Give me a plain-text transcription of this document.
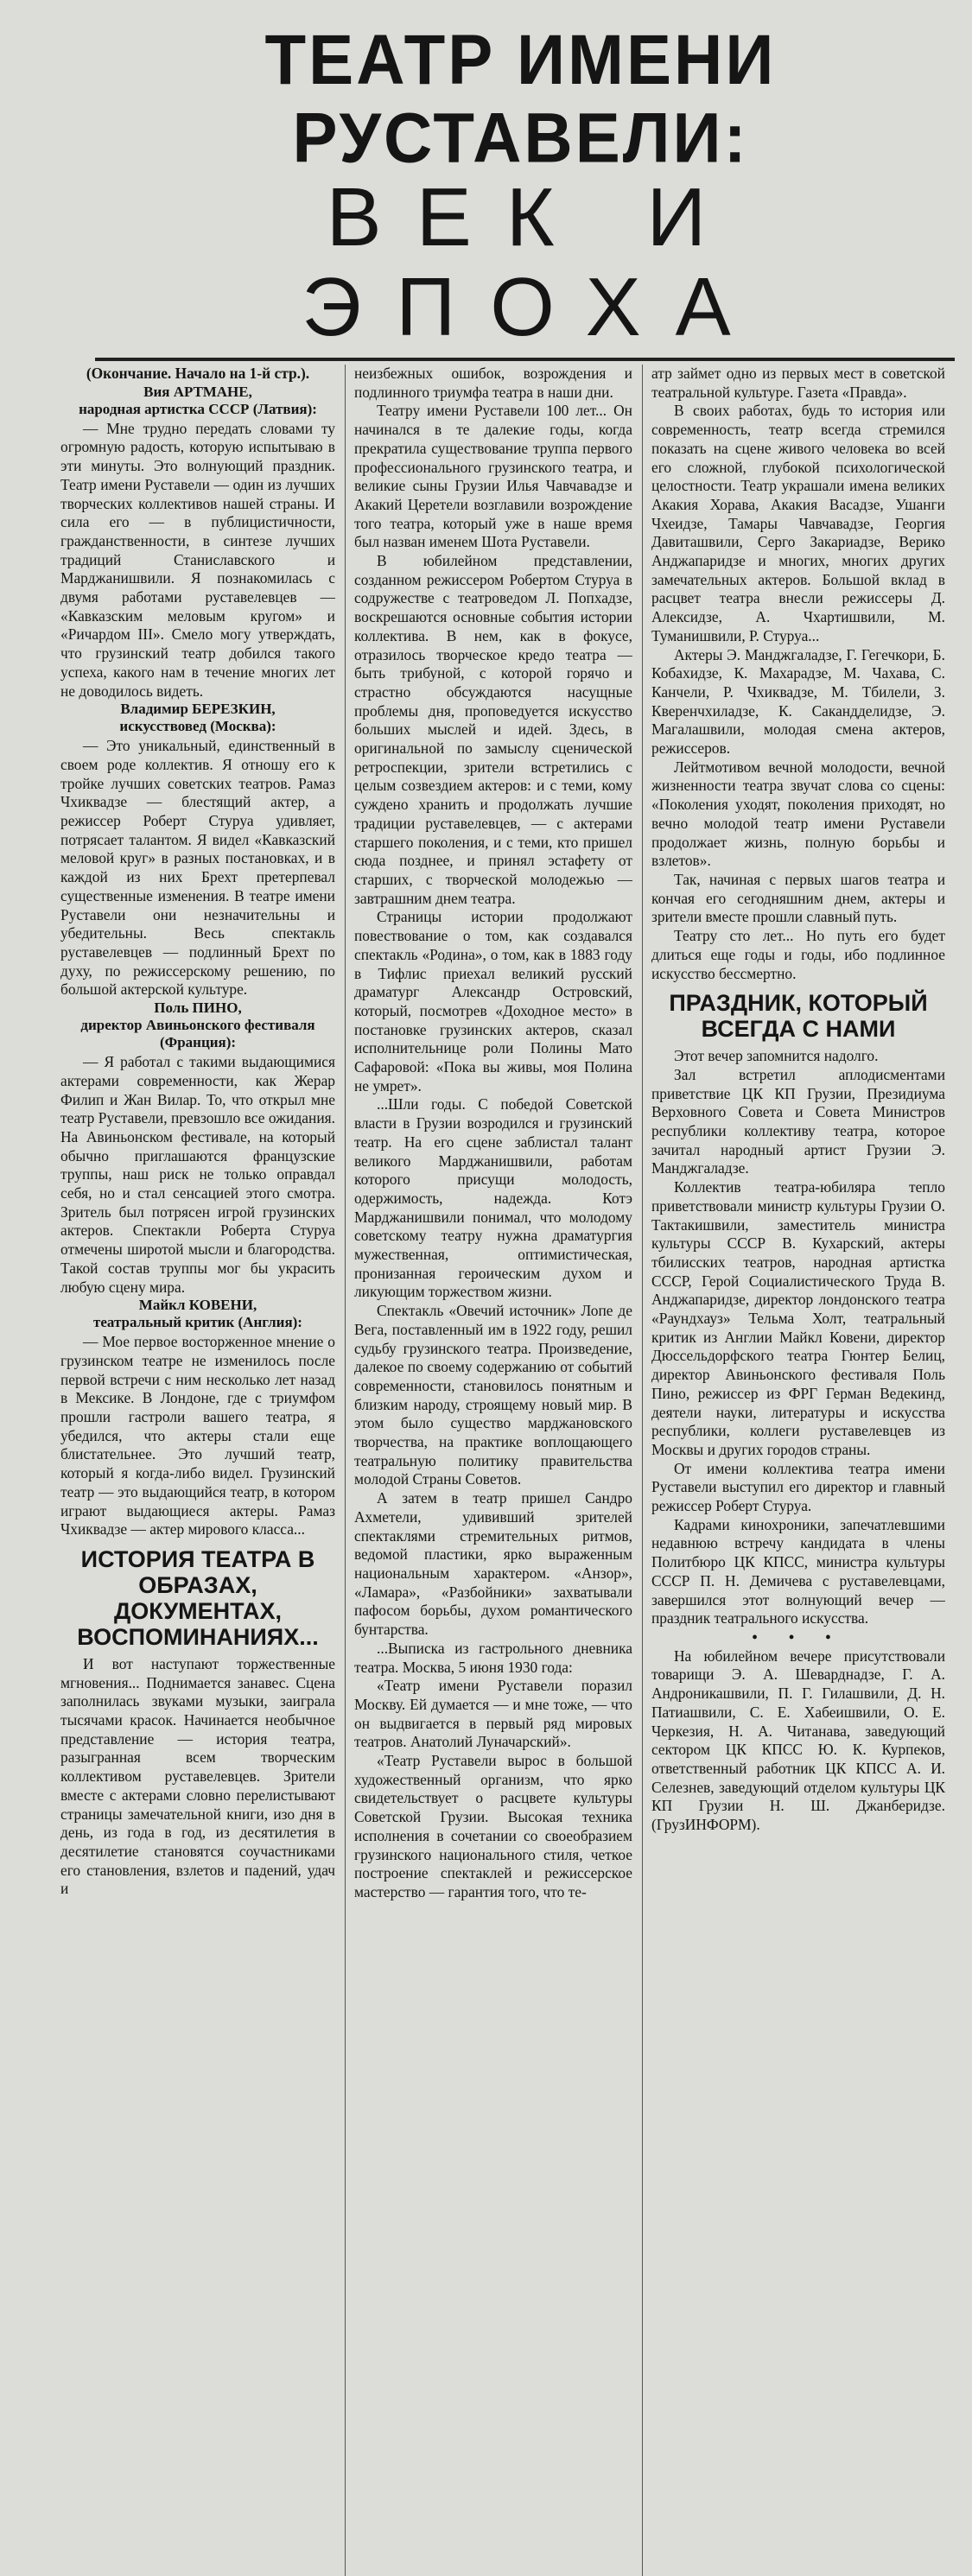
ТЕАТР ИМЕНИ РУСТАВЕЛИ:
ВЕК И ЭПОХА

(Окончание. Начало на 1-й стр.).

Вия АРТМАНЕ,

народная артистка СССР (Латвия):

— Мне трудно передать словами ту огромную радость, которую испытываю в эти минуты. Это волнующий праздник. Театр имени Руставели — один из лучших творческих коллективов нашей страны. И сила его — в публицистичности, гражданственности, в синтезе лучших традиций Станиславского и Марджанишвили. Я познакомилась с двумя работами руставелевцев — «Кавказским меловым кругом» и «Ричардом III». Смело могу утверждать, что грузинский театр добился такого успеха, какого нам в течение многих лет не доводилось видеть.

Владимир БЕРЕЗКИН,

искусствовед (Москва):

— Это уникальный, единственный в своем роде коллектив. Я отношу его к тройке лучших советских театров. Рамаз Чхиквадзе — блестящий актер, а режиссер Роберт Стуруа удивляет, потрясает талантом. Я видел «Кавказский меловой круг» в разных постановках, и в каждой из них Брехт претерпевал существенные изменения. В театре имени Руставели они незначительны и убедительны. Весь спектакль руставелевцев — подлинный Брехт по духу, по режиссерскому решению, по большой актерской культуре.

Поль ПИНО,

директор Авиньонского фестиваля (Франция):

— Я работал с такими выдающимися актерами современности, как Жерар Филип и Жан Вилар. То, что открыл мне театр Руставели, превзошло все ожидания. На Авиньонском фестивале, на который обычно приглашаются французские труппы, наш риск не только оправдал себя, но и стал сенсацией этого смотра. Зритель был потрясен игрой грузинских актеров. Спектакли Роберта Стуруа отмечены широтой мысли и благородства. Такой состав труппы мог бы украсить любую сцену мира.

Майкл КОВЕНИ,

театральный критик (Англия):

— Мое первое восторженное мнение о грузинском театре не изменилось после первой встречи с ним несколько лет назад в Мексике. В Лондоне, где с триумфом прошли гастроли вашего театра, я убедился, что актеры стали еще блистательнее. Это лучший театр, который я когда-либо видел. Грузинский театр — это выдающийся театр, в котором играют выдающиеся актеры. Рамаз Чхиквадзе — актер мирового класса...

ИСТОРИЯ ТЕАТРА В ОБРАЗАХ, ДОКУМЕНТАХ, ВОСПОМИНАНИЯХ...

И вот наступают торжественные мгновения... Поднимается занавес. Сцена заполнилась звуками музыки, заиграла тысячами красок. Начинается необычное представление — история театра, разыгранная всем творческим коллективом руставелевцев. Зрители вместе с актерами словно перелистывают страницы замечательной книги, изо дня в день, из года в год, из десятилетия в десятилетие становятся соучастниками его становления, взлетов и падений, удач и

неизбежных ошибок, возрождения и подлинного триумфа театра в наши дни.

Театру имени Руставели 100 лет... Он начинался в те далекие годы, когда прекратила существование труппа первого профессионального грузинского театра, и великие сыны Грузии Илья Чавчавадзе и Акакий Церетели возглавили возрождение того театра, который уже в наше время был назван именем Шота Руставели.

В юбилейном представлении, созданном режиссером Робертом Стуруа в содружестве с театроведом Л. Попхадзе, воскрешаются основные события истории коллектива. В нем, как в фокусе, отразилось творческое кредо театра — быть трибуной, с которой горячо и страстно обсуждаются насущные проблемы дня, проповедуется искусство больших мыслей и идей. Здесь, в оригинальной по замыслу сценической ретроспекции, зрители встретились с целым созвездием актеров: и с теми, кому суждено хранить и продолжать лучшие традиции руставелевцев, — с актерами старшего поколения, и с теми, кто пришел сюда позднее, и принял эстафету от старших, с творческой молодежью — завтрашним днем театра.

Страницы истории продолжают повествование о том, как создавался спектакль «Родина», о том, как в 1883 году в Тифлис приехал великий русский драматург Александр Островский, который, посмотрев «Доходное место» в постановке грузинских актеров, сказал исполнительнице роли Полины Мато Сафаровой: «Пока вы живы, моя Полина не умрет».

...Шли годы. С победой Советской власти в Грузии возродился и грузинский театр. На его сцене заблистал талант великого Марджанишвили, работам которого присущи молодость, одержимость, надежда. Котэ Марджанишвили понимал, что молодому советскому театру нужна драматургия мужественная, оптимистическая, пронизанная героическим духом и ликующим торжеством жизни.

Спектакль «Овечий источник» Лопе де Вега, поставленный им в 1922 году, решил судьбу грузинского театра. Произведение, далекое по своему содержанию от событий современности, становилось понятным и близким народу, строящему новый мир. В этом было существо марджановского творчества, на практике воплощающего театральную политику правительства молодой Страны Советов.

А затем в театр пришел Сандро Ахметели, удививший зрителей спектаклями стремительных ритмов, ведомой пластики, ярко выраженным национальным характером. «Анзор», «Ламара», «Разбойники» захватывали пафосом борьбы, духом романтического бунтарства.

...Выписка из гастрольного дневника театра. Москва, 5 июня 1930 года:

«Театр имени Руставели поразил Москву. Ей думается — и мне тоже, — что он выдвигается в первый ряд мировых театров. Анатолий Луначарский».

«Театр Руставели вырос в большой художественный организм, что ярко свидетельствует о расцвете культуры Советской Грузии. Высокая техника исполнения в сочетании со своеобразием грузинского национального стиля, четкое построение спектаклей и режиссерское мастерство — гарантия того, что те-

атр займет одно из первых мест в советской театральной культуре. Газета «Правда».

В своих работах, будь то история или современность, театр всегда стремился показать на сцене живого человека во всей его сложной, глубокой психологической целостности. Театр украшали имена великих Акакия Хорава, Акакия Васадзе, Ушанги Чхеидзе, Тамары Чавчавадзе, Георгия Давиташвили, Серго Закариадзе, Верико Анджапаридзе и многих, многих других замечательных актеров. Большой вклад в расцвет театра внесли режиссеры Д. Алексидзе, А. Чхартишвили, М. Туманишвили, Р. Стуруа...

Актеры Э. Манджгаладзе, Г. Гегечкори, Б. Кобахидзе, К. Махарадзе, М. Чахава, С. Канчели, Р. Чхиквадзе, М. Тбилели, З. Кверенчхиладзе, К. Сакандделидзе, Э. Магалашвили, молодая смена актеров, режиссеров.

Лейтмотивом вечной молодости, вечной жизненности театра звучат слова со сцены: «Поколения уходят, поколения приходят, но вечно молодой театр имени Руставели продолжает жизнь, полную борьбы и взлетов».

Так, начиная с первых шагов театра и кончая его сегодняшним днем, актеры и зрители вместе прошли славный путь.

Театру сто лет... Но путь его будет длиться еще годы и годы, ибо подлинное искусство бессмертно.

ПРАЗДНИК, КОТОРЫЙ ВСЕГДА С НАМИ

Этот вечер запомнится надолго.

Зал встретил аплодисментами приветствие ЦК КП Грузии, Президиума Верховного Совета и Совета Министров республики коллективу театра, которое зачитал народный артист Грузии Э. Манджгаладзе.

Коллектив театра-юбиляра тепло приветствовали министр культуры Грузии О. Тактакишвили, заместитель министра культуры СССР В. Кухарский, актеры тбилисских театров, народная артистка СССР, Герой Социалистического Труда В. Анджапаридзе, директор лондонского театра «Раундхауз» Тельма Холт, театральный критик из Англии Майкл Ковени, директор Дюссельдорфского театра Гюнтер Белиц, директор Авиньонского фестиваля Поль Пино, режиссер из ФРГ Герман Ведекинд, деятели науки, литературы и искусства республики, коллеги руставелевцев из Москвы и других городов страны.

От имени коллектива театра имени Руставели выступил его директор и главный режиссер Роберт Стуруа.

Кадрами кинохроники, запечатлевшими недавнюю встречу кандидата в члены Политбюро ЦК КПСС, министра культуры СССР П. Н. Демичева с руставелевцами, завершился этот волнующий вечер — праздник театрального искусства.

• • •

На юбилейном вечере присутствовали товарищи Э. А. Шеварднадзе, Г. А. Андроникашвили, П. Г. Гилашвили, Д. Н. Патиашвили, С. Е. Хабеишвили, О. Е. Черкезия, Н. А. Читанава, заведующий сектором ЦК КПСС Ю. К. Курпеков, ответственный работник ЦК КПСС А. И. Селезнев, заведующий отделом культуры ЦК КП Грузии Н. Ш. Джанберидзе. (ГрузИНФОРМ).
